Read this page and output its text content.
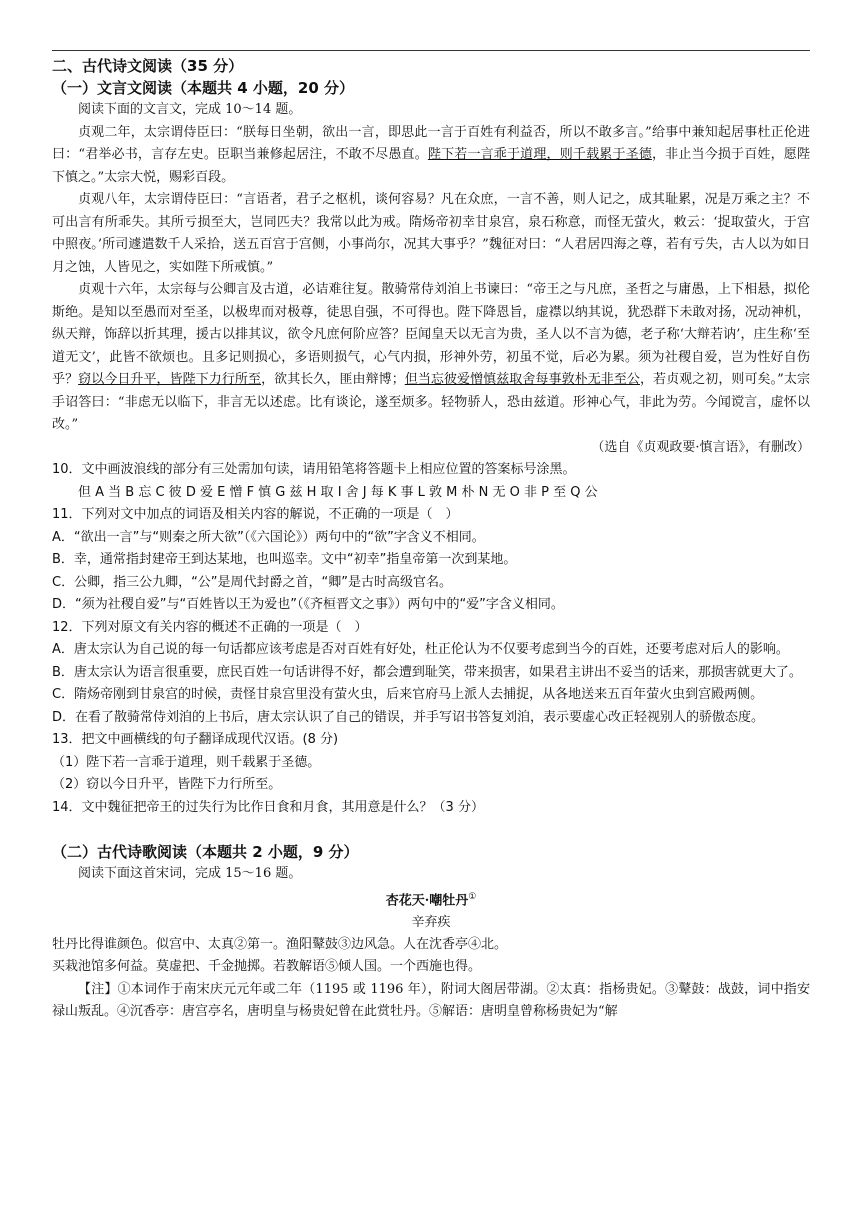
二、古代诗文阅读（35 分）
（一）文言文阅读（本题共 4 小题，20 分）
阅读下面的文言文，完成 10～14 题。
贞观二年，太宗谓侍臣曰：“朕每日坐朝，欲出一言，即思此一言于百姓有利益否，所以不敢多言。”给事中兼知起居事杜正伦进曰：“君举必书，言存左史。臣职当兼修起居注，不敢不尽愚直。陛下若一言乖于道理，则千载累于圣德，非止当今损于百姓，愿陛下慎之。”太宗大悦，赐彩百段。
贞观八年，太宗谓侍臣曰：“言语者，君子之枢机，谈何容易？凡在众庶，一言不善，则人记之，成其耻累，况是万乘之主？不可出言有所乖失。其所亏损至大，岂同匹夫？我常以此为戒。隋炀帝初幸甘泉宫，泉石称意，而怪无萤火，敕云：‘捉取萤火，于宫中照夜。’所司遽遣数千人采拾，送五百宫于宫侧，小事尚尔，况其大事乎？”魏征对曰：“人君居四海之尊，若有亏失，古人以为如日月之蚀，人皆见之，实如陛下所戒慎。”
贞观十六年，太宗每与公卿言及古道，必诘难往复。散骑常侍刘洎上书谏曰：“帝王之与凡庶，圣哲之与庸愚，上下相悬，拟伦斯绝。是知以至愚而对至圣，以极卑而对极尊，徒思自强，不可得也。陛下降恩旨，虚襟以纳其说，犹恐群下未敢对扬，况动神机，纵天辩，饰辞以折其理，援古以排其议，欲令凡庶何阶应答？臣闻皇天以无言为贵，圣人以不言为德，老子称‘大辩若讷’，庄生称‘至道无文’，此皆不欲烦也。且多记则损心，多语则损气，心气内损，形神外劳，初虽不觉，后必为累。须为社稷自爱，岂为性好自伤乎？窃以今日升平，皆陛下力行所至，欲其长久，匪由辩博；但当忘彼爱憎慎兹取舍每事敦朴无非至公，若贞观之初，则可矣。”太宗手诏答曰：“非虑无以临下，非言无以述虑。比有谈论，遂至烦多。轻物骄人，恐由兹道。形神心气，非此为劳。今闻谠言，虚怀以改。”
（选自《贞观政要·慎言语》，有删改）
10．文中画波浪线的部分有三处需加句读，请用铅笔将答题卡上相应位置的答案标号涂黑。
但 A 当 B 忘 C 彼 D 爱 E 憎 F 慎 G 兹 H 取 I 舍 J 每 K 事 L 敦 M 朴 N 无 O 非 P 至 Q 公
11．下列对文中加点的词语及相关内容的解说，不正确的一项是（　）
A．“欲出一言”与“则秦之所大欲”（《六国论》）两句中的“欲”字含义不相同。
B．幸，通常指封建帝王到达某地，也叫巡幸。文中“初幸”指皇帝第一次到某地。
C．公卿，指三公九卿，“公”是周代封爵之首，“卿”是古时高级官名。
D．“须为社稷自爱”与“百姓皆以王为爱也”（《齐桓晋文之事》）两句中的“爱”字含义相同。
12．下列对原文有关内容的概述不正确的一项是（　）
A．唐太宗认为自己说的每一句话都应该考虑是否对百姓有好处，杜正伦认为不仅要考虑到当今的百姓，还要考虑对后人的影响。
B．唐太宗认为语言很重要，庶民百姓一句话讲得不好，都会遭到耻笑，带来损害，如果君主讲出不妥当的话来，那损害就更大了。
C．隋炀帝刚到甘泉宫的时候，责怪甘泉宫里没有萤火虫，后来官府马上派人去捕捉，从各地送来五百年萤火虫到宫殿两侧。
D．在看了散骑常侍刘洎的上书后，唐太宗认识了自己的错误，并手写诏书答复刘洎，表示要虚心改正轻视别人的骄傲态度。
13．把文中画横线的句子翻译成现代汉语。(8 分)
（1）陛下若一言乖于道理，则千载累于圣德。
（2）窃以今日升平，皆陛下力行所至。
14．文中魏征把帝王的过失行为比作日食和月食，其用意是什么？（3 分）
（二）古代诗歌阅读（本题共 2 小题，9 分）
阅读下面这首宋词，完成 15～16 题。
杏花天·嘲牡丹①
辛弃疾
牡丹比得谁颜色。似宫中、太真②第一。渔阳鼙鼓③边风急。人在沈香亭④北。
买栽池馆多何益。莫虚把、千金抛掷。若教解语⑤倾人国。一个西施也得。
【注】①本词作于南宋庆元元年或二年（1195 或 1196 年），附词大阁居带湖。②太真：指杨贵妃。③鼙鼓：战鼓，词中指安禄山叛乱。④沉香亭：唐宫亭名，唐明皇与杨贵妃曾在此赏牡丹。⑤解语：唐明皇曾称杨贵妃为“解
